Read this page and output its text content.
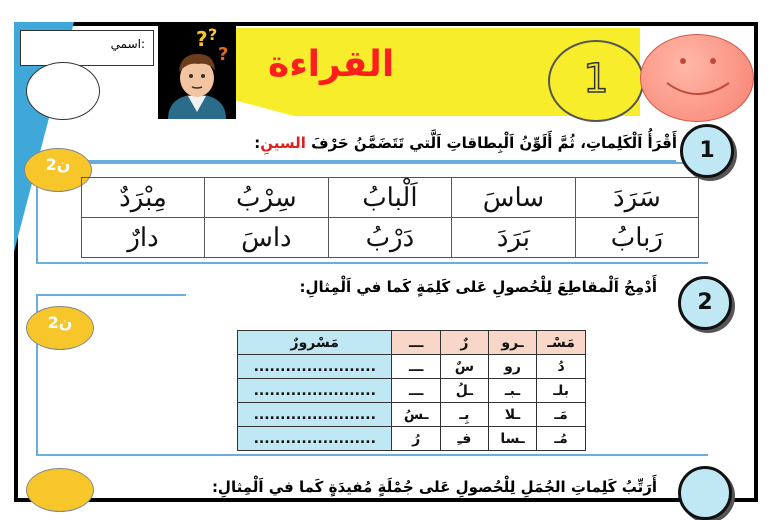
اسمي:	? ?
? القراءة	1
1
أَقْرَأُ اَلْكَلِماتِ، ثُمَّ أَلَوِّنُ اَلْبِطاقاتِ اَلَّتي تَتَضَمَّنُ حَرْفَ السينِ:
2ن
سَرَدَ	ساسَ	اَلْبابُ	سِرْبُ	مِبْرَدٌ
رَبابُ	بَرَدَ	دَرْبُ	داسَ	دارٌ
2
أَدْمِجُ اَلْمقاطِعَ لِلْحُصولِ عَلى كَلِمَةٍ كَما في اَلْمِثالِ:
2ن
مَسْـ	ـرو	رٌ	ـــ	مَسْرورٌ
دُ	رو	سٌ	ـــ	.......................
بلـ	ـبـ	ـلُ	ـــ	.......................
مَـ	ـلا	بِـ	ـسُ	.......................
مُـ	ـسا	فـِ	رُ	.......................
أَرَتِّبُ كَلِماتِ الجُمَلِ لِلْحُصولِ عَلى جُمْلَةٍ مُفيدَةٍ كَما في اَلْمِثالِ:
